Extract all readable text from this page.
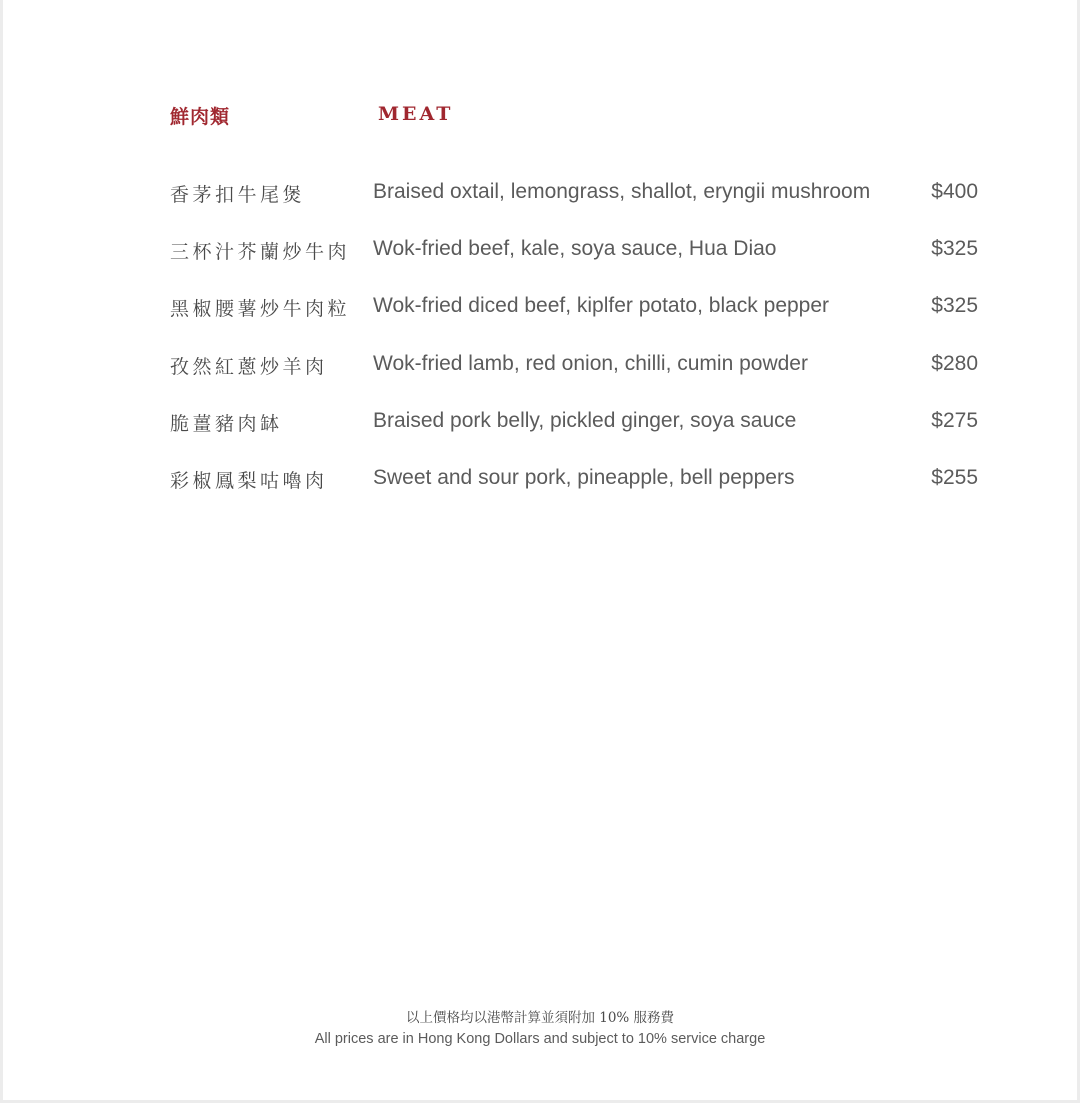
鮮肉類	MEAT
香茅扣牛尾煲	Braised oxtail, lemongrass, shallot, eryngii mushroom	$400
三杯汁芥蘭炒牛肉 Wok-fried beef, kale, soya sauce, Hua Diao	$325
黑椒腰薯炒牛肉粒 Wok-fried diced beef, kiplfer potato, black pepper	$325
孜然紅蔥炒羊肉 Wok-fried lamb, red onion, chilli, cumin powder	$280
脆薑豬肉缽	Braised pork belly, pickled ginger, soya sauce	$275
彩椒鳳梨咕嚕肉 Sweet and sour pork, pineapple, bell peppers	$255
以上價格均以港幣計算並須附加 10% 服務費
All prices are in Hong Kong Dollars and subject to 10% service charge
